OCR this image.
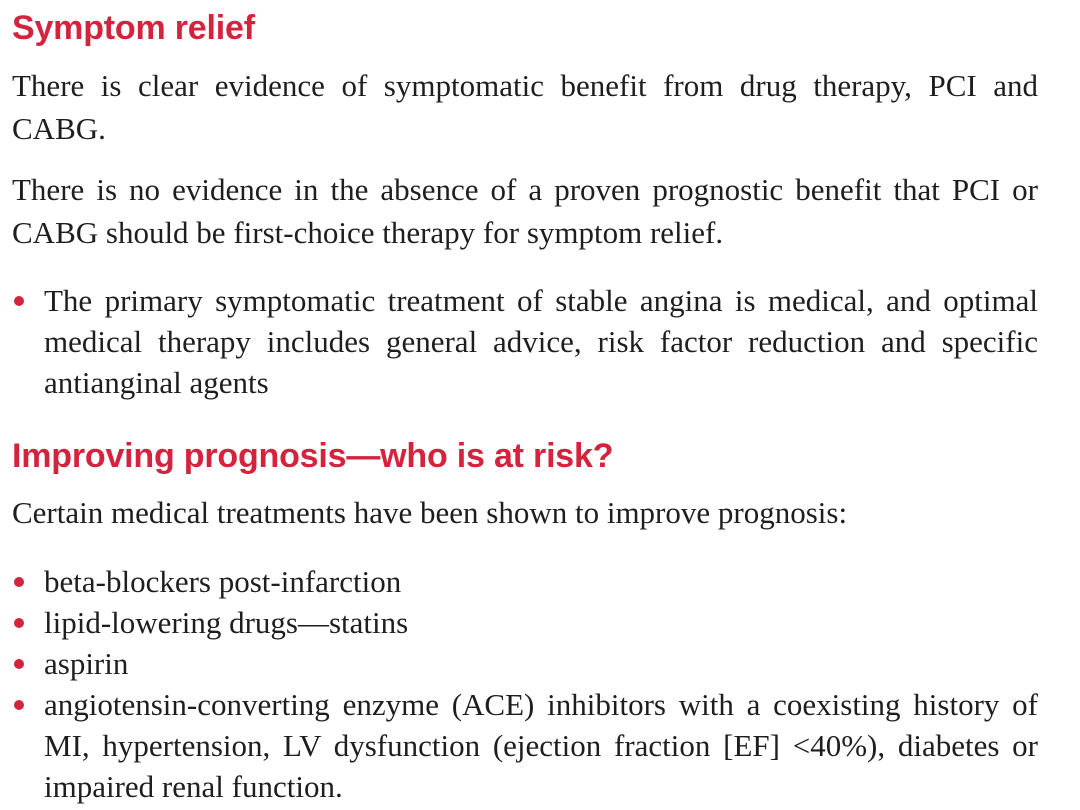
Symptom relief

There is clear evidence of symptomatic benefit from drug therapy, PCI and CABG.

There is no evidence in the absence of a proven prognostic benefit that PCI or CABG should be first-choice therapy for symptom relief.

The primary symptomatic treatment of stable angina is medical, and optimal medical therapy includes general advice, risk factor reduction and specific antianginal agents
Improving prognosis—who is at risk?

Certain medical treatments have been shown to improve prognosis:

beta-blockers post-infarction
lipid-lowering drugs—statins
aspirin
angiotensin-converting enzyme (ACE) inhibitors with a coexisting history of MI, hypertension, LV dysfunction (ejection fraction [EF] <40%), diabetes or impaired renal function.
